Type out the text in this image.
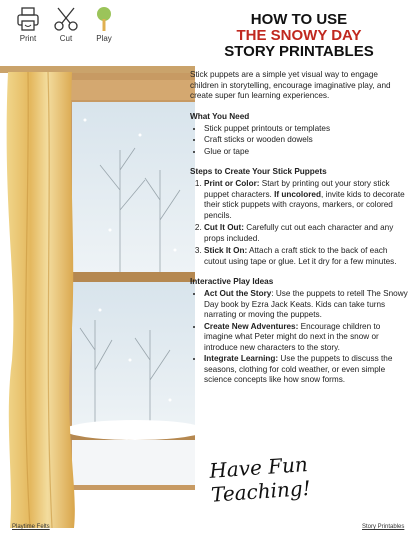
Print	Cut	Play
HOW TO USE
THE SNOWY DAY
STORY PRINTABLES

Stick puppets are a simple yet visual way to engage children in storytelling, encourage imaginative play, and create super fun learning experiences.

What You Need
• Stick puppet printouts or templates
• Craft sticks or wooden dowels
• Glue or tape
Steps to Create Your Stick Puppets
1. Print or Color: Start by printing out your story stick puppet characters. If uncolored, invite kids to decorate their stick puppets with crayons, markers, or colored pencils.
2. Cut It Out: Carefully cut out each character and any props included.
3. Stick It On: Attach a craft stick to the back of each cutout using tape or glue. Let it dry for a few minutes.
Interactive Play Ideas
• Act Out the Story: Use the puppets to retell The Snowy Day book by Ezra Jack Keats. Kids can take turns narrating or moving the puppets.
• Create New Adventures: Encourage children to imagine what Peter might do next in the snow or introduce new characters to the story.
• Integrate Learning: Use the puppets to discuss the seasons, clothing for cold weather, or even simple science concepts like how snow forms.
Have Fun Teaching!
Playtime Felts	Story Printables
